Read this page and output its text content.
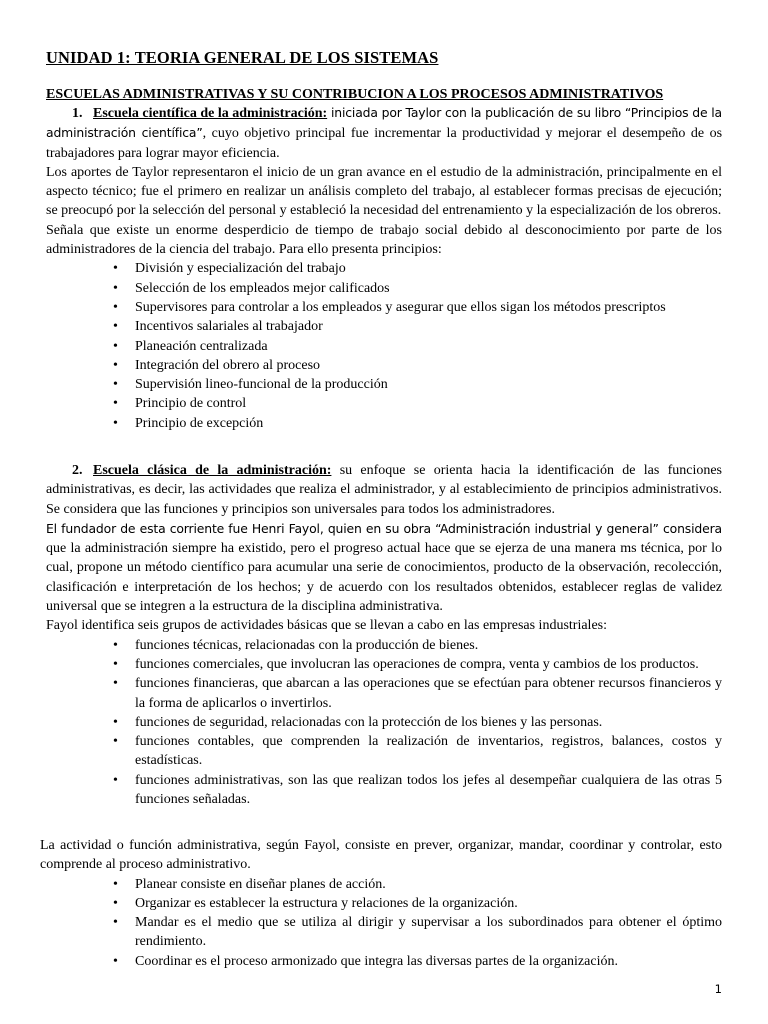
UNIDAD 1: TEORIA GENERAL DE LOS SISTEMAS
ESCUELAS ADMINISTRATIVAS Y SU CONTRIBUCION A LOS PROCESOS ADMINISTRATIVOS

1. Escuela científica de la administración: iniciada por Taylor con la publicación de su libro “Principios de la administración científica”, cuyo objetivo principal fue incrementar la productividad y mejorar el desempeño de os trabajadores para lograr mayor eficiencia.

Los aportes de Taylor representaron el inicio de un gran avance en el estudio de la administración, principalmente en el aspecto técnico; fue el primero en realizar un análisis completo del trabajo, al establecer formas precisas de ejecución; se preocupó por la selección del personal y estableció la necesidad del entrenamiento y la especialización de los obreros.

Señala que existe un enorme desperdicio de tiempo de trabajo social debido al desconocimiento por parte de los administradores de la ciencia del trabajo. Para ello presenta principios:

• División y especialización del trabajo
• Selección de los empleados mejor calificados
• Supervisores para controlar a los empleados y asegurar que ellos sigan los métodos prescriptos
• Incentivos salariales al trabajador
• Planeación centralizada
• Integración del obrero al proceso
• Supervisión lineo-funcional de la producción
• Principio de control
• Principio de excepción

2. Escuela clásica de la administración: su enfoque se orienta hacia la identificación de las funciones administrativas, es decir, las actividades que realiza el administrador, y al establecimiento de principios administrativos. Se considera que las funciones y principios son universales para todos los administradores.

El fundador de esta corriente fue Henri Fayol, quien en su obra “Administración industrial y general” considera que la administración siempre ha existido, pero el progreso actual hace que se ejerza de una manera ms técnica, por lo cual, propone un método científico para acumular una serie de conocimientos, producto de la observación, recolección, clasificación e interpretación de los hechos; y de acuerdo con los resultados obtenidos, establecer reglas de validez universal que se integren a la estructura de la disciplina administrativa.

Fayol identifica seis grupos de actividades básicas que se llevan a cabo en las empresas industriales:

• funciones técnicas, relacionadas con la producción de bienes.
• funciones comerciales, que involucran las operaciones de compra, venta y cambios de los productos.
• funciones financieras, que abarcan a las operaciones que se efectúan para obtener recursos financieros y la forma de aplicarlos o invertirlos.
• funciones de seguridad, relacionadas con la protección de los bienes y las personas.
• funciones contables, que comprenden la realización de inventarios, registros, balances, costos y estadísticas.
• funciones administrativas, son las que realizan todos los jefes al desempeñar cualquiera de las otras 5 funciones señaladas.

La actividad o función administrativa, según Fayol, consiste en prever, organizar, mandar, coordinar y controlar, esto comprende al proceso administrativo.

• Planear consiste en diseñar planes de acción.
• Organizar es establecer la estructura y relaciones de la organización.
• Mandar es el medio que se utiliza al dirigir y supervisar a los subordinados para obtener el óptimo rendimiento.
• Coordinar es el proceso armonizado que integra las diversas partes de la organización.
1
